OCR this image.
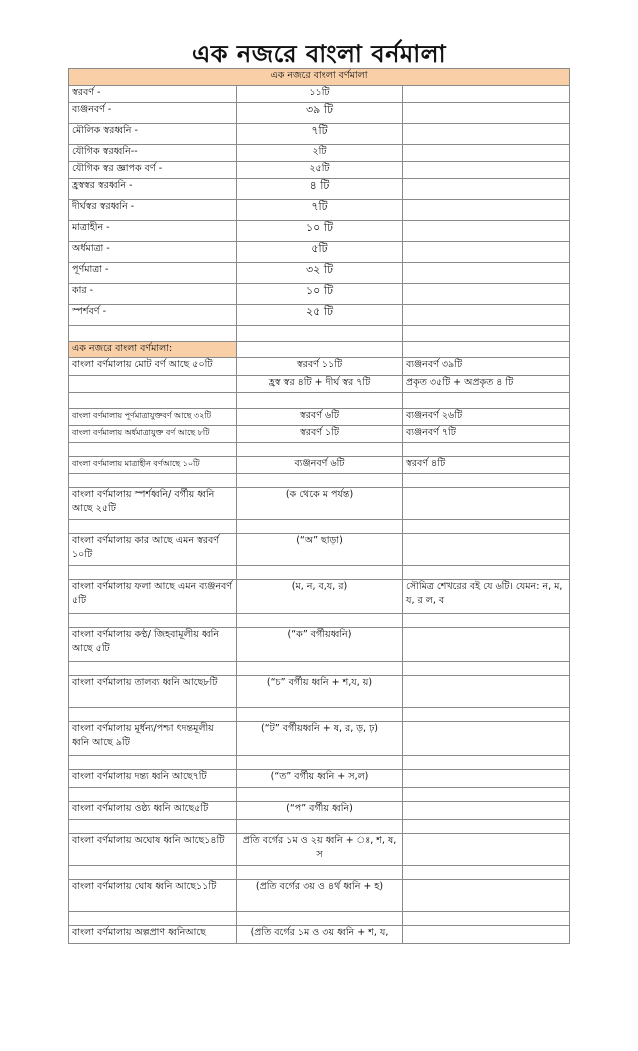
এক নজরে বাংলা বর্নমালা
এক নজরে বাংলা বর্ণমালা		
স্বরবর্ণ -	১১টি	
ব্যঞ্জনবর্ণ -	৩৯ টি	
মৌলিক স্বরধ্বনি -	৭টি	
যৌগিক স্বরধ্বনি--	২টি	
যৌগিক স্বর জ্ঞাপক বর্ণ -	২৫টি	
হ্রস্বস্বর স্বরধ্বনি -	৪ টি	
দীর্ঘস্বর স্বরধ্বনি -	৭টি	
মাত্রাহীন -	১০ টি	
অর্ধমাত্রা -	৫টি	
পূর্ণমাত্রা -	৩২ টি	
কার -	১০ টি	
স্পর্শবর্ণ -	২৫ টি	

এক নজরে বাংলা বর্ণমালা:		
বাংলা বর্ণমালায় মোট বর্ণ আছে ৫০টি	স্বরবর্ণ ১১টি	ব্যঞ্জনবর্ণ ৩৯টি
	হ্রস্ব স্বর ৪টি + দীর্ঘ স্বর ৭টি	প্রকৃত ৩৫টি + অপ্রকৃত ৪ টি

বাংলা বর্ণমালায় পূর্ণমাত্রাযুক্তবর্ণ আছে ৩২টি	স্বরবর্ণ ৬টি	ব্যঞ্জনবর্ণ ২৬টি
বাংলা বর্ণমালায় অর্ধমাত্রাযুক্ত বর্ণ আছে ৮টি	স্বরবর্ণ ১টি	ব্যঞ্জনবর্ণ ৭টি

বাংলা বর্ণমালায় মাত্রাহীন বর্ণআছে ১০টি	ব্যঞ্জনবর্ণ ৬টি	স্বরবর্ণ ৪টি

বাংলা বর্ণমালায় স্পর্শধ্বনি/ বর্গীয় ধ্বনি আছে ২৫টি	(ক থেকে ম পর্যন্ত)	

বাংলা বর্ণমালায় কার আছে এমন স্বরবর্ণ ১০টি	(“অ” ছাড়া)	

বাংলা বর্ণমালায় ফলা আছে এমন ব্যঞ্জনবর্ণ ৫টি	(ম, ন, ব,য, র)	সৌমিত্র শেখরের বই যে ৬টি। যেমন: ন, ম, য, র ল, ব

বাংলা বর্ণমালায় কণ্ঠ/ জিহবামূলীয় ধ্বনি আছে ৫টি	(“ক” বর্গীয়ধ্বনি)	

বাংলা বর্ণমালায় তালব্য ধ্বনি আছে৮টি	(“চ” বর্গীয় ধ্বনি + শ,য, য়)	

বাংলা বর্ণমালায় মূর্ধন্য/পশ্চা ৎদন্তমূলীয় ধ্বনি আছে ৯টি	(“ট” বর্গীয়ধ্বনি + ষ, র, ড়, ঢ়)	

বাংলা বর্ণমালায় দন্ত্য ধ্বনি আছে৭টি	(“ত” বর্গীয় ধ্বনি + স,ল)	

বাংলা বর্ণমালায় ওষ্ঠ্য ধ্বনি আছে৫টি	(“প” বর্গীয় ধ্বনি)	

বাংলা বর্ণমালায় অঘোষ ধ্বনি আছে১৪টি	প্রতি বর্গের ১ম ও ২য় ধ্বনি + ঃ, শ, ষ, স	

বাংলা বর্ণমালায় ঘোষ ধ্বনি আছে১১টি	(প্রতি বর্গের ৩য় ও ৪র্থ ধ্বনি + হ)	

বাংলা বর্ণমালায় অল্পপ্রাণ ধ্বনিআছে	(প্রতি বর্গের ১ম ও ৩য় ধ্বনি + শ, য,	
